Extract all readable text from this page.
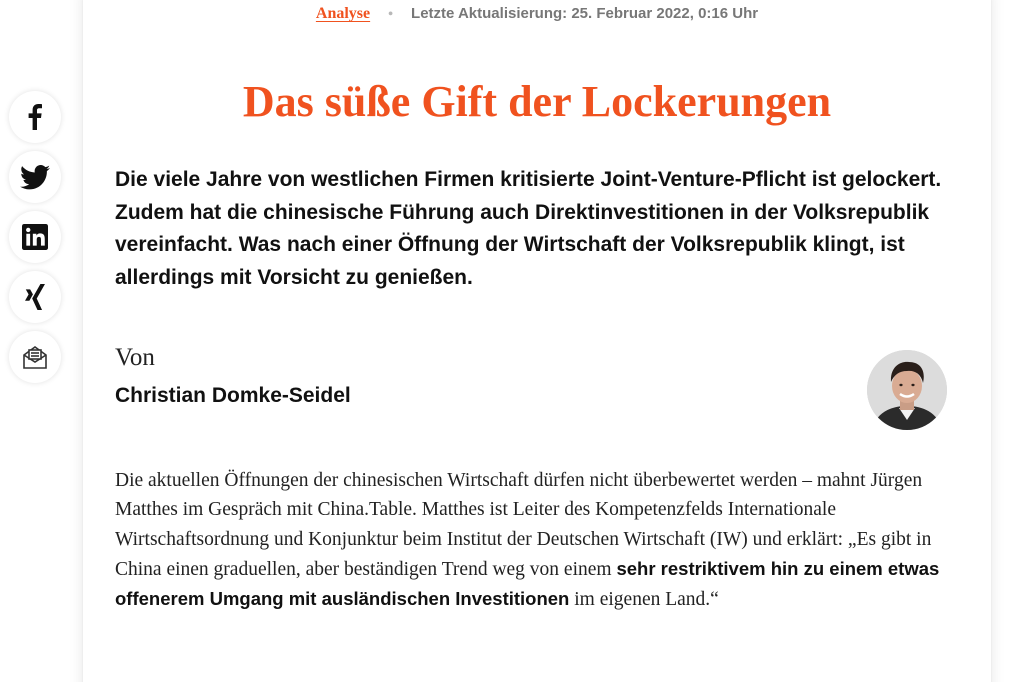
Analyse • Letzte Aktualisierung: 25. Februar 2022, 0:16 Uhr
Das süße Gift der Lockerungen

Die viele Jahre von westlichen Firmen kritisierte Joint-Venture-Pflicht ist gelockert. Zudem hat die chinesische Führung auch Direktinvestitionen in der Volksrepublik vereinfacht. Was nach einer Öffnung der Wirtschaft der Volksrepublik klingt, ist allerdings mit Vorsicht zu genießen.

Von
Christian Domke-Seidel

Die aktuellen Öffnungen der chinesischen Wirtschaft dürfen nicht überbewertet werden – mahnt Jürgen Matthes im Gespräch mit China.Table. Matthes ist Leiter des Kompetenzfelds Internationale Wirtschaftsordnung und Konjunktur beim Institut der Deutschen Wirtschaft (IW) und erklärt: „Es gibt in China einen graduellen, aber beständigen Trend weg von einem sehr restriktivem hin zu einem etwas offenerem Umgang mit ausländischen Investitionen im eigenen Land.“
